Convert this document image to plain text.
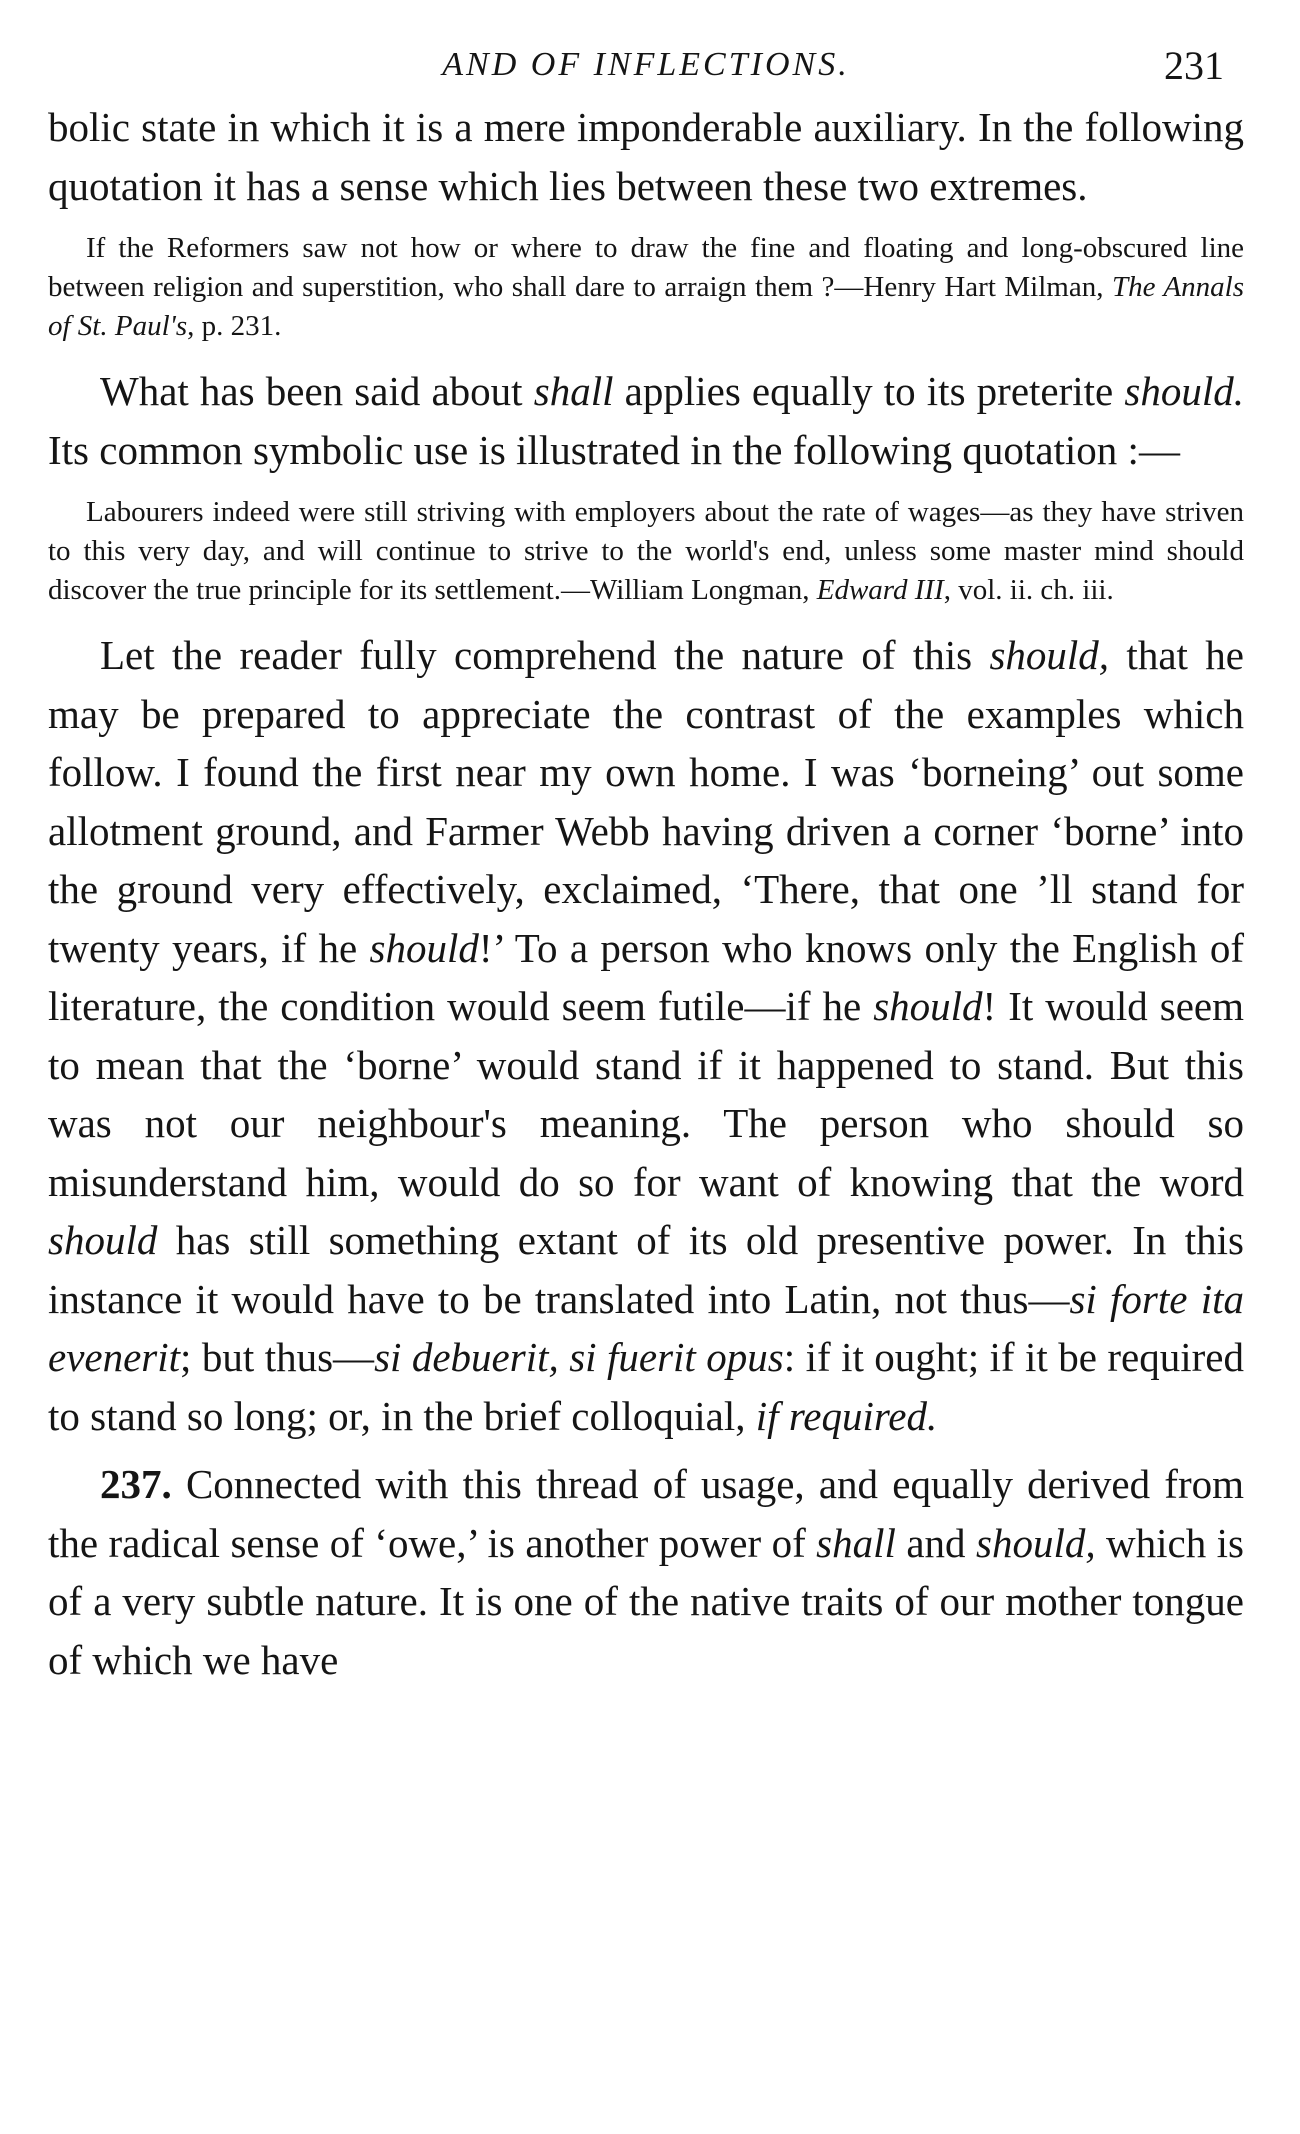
AND OF INFLECTIONS.	231

bolic state in which it is a mere imponderable auxiliary. In the following quotation it has a sense which lies between these two extremes.

If the Reformers saw not how or where to draw the fine and floating and long-obscured line between religion and superstition, who shall dare to arraign them ?—Henry Hart Milman, The Annals of St. Paul's, p. 231.

What has been said about shall applies equally to its preterite should. Its common symbolic use is illustrated in the following quotation :—

Labourers indeed were still striving with employers about the rate of wages—as they have striven to this very day, and will continue to strive to the world's end, unless some master mind should discover the true principle for its settlement.—William Longman, Edward III, vol. ii. ch. iii.

Let the reader fully comprehend the nature of this should, that he may be prepared to appreciate the contrast of the examples which follow. I found the first near my own home. I was ‘borneing’ out some allotment ground, and Farmer Webb having driven a corner ‘borne’ into the ground very effectively, exclaimed, ‘There, that one ’ll stand for twenty years, if he should!’ To a person who knows only the English of literature, the condition would seem futile—if he should! It would seem to mean that the ‘borne’ would stand if it happened to stand. But this was not our neighbour's meaning. The person who should so misunderstand him, would do so for want of knowing that the word should has still something extant of its old presentive power. In this instance it would have to be translated into Latin, not thus—si forte ita evenerit; but thus—si debuerit, si fuerit opus: if it ought; if it be required to stand so long; or, in the brief colloquial, if required.

237. Connected with this thread of usage, and equally derived from the radical sense of ‘owe,’ is another power of shall and should, which is of a very subtle nature. It is one of the native traits of our mother tongue of which we have
